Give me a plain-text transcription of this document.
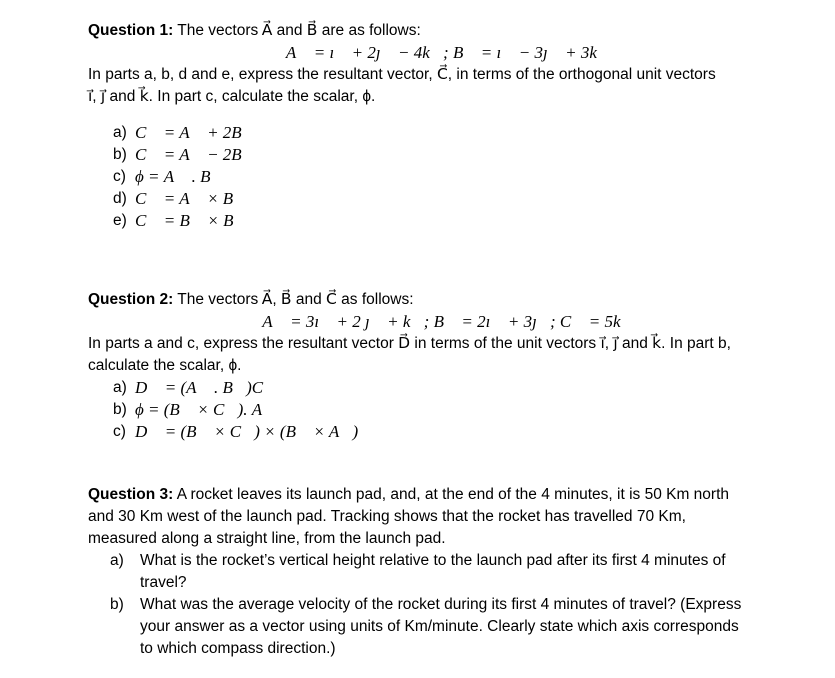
Question 1: The vectors A⃗ and B⃗ are as follows:

A⃗ = ı⃗ + 2ȷ⃗ − 4k⃗; B⃗ = ı⃗ − 3ȷ⃗ + 3k⃗

In parts a, b, d and e, express the resultant vector, C⃗, in terms of the orthogonal unit vectors

ı⃗, ȷ⃗ and k⃗. In part c, calculate the scalar, ϕ.

a) C⃗ = A⃗ + 2B⃗
b) C⃗ = A⃗ − 2B⃗
c) ϕ = A⃗ . B⃗
d) C⃗ = A⃗ × B⃗
e) C⃗ = B⃗ × B⃗

Question 2: The vectors A⃗, B⃗ and C⃗ as follows:

A⃗ = 3ı⃗ + 2 ȷ⃗ + k⃗; B⃗ = 2ı⃗ + 3ȷ⃗; C⃗ = 5k⃗

In parts a and c, express the resultant vector D⃗ in terms of the unit vectors ı⃗, ȷ⃗ and k⃗. In part b,

calculate the scalar, ϕ.

a) D⃗ = (A⃗ . B⃗)C⃗
b) ϕ = (B⃗ × C⃗). A⃗
c) D⃗ = (B⃗ × C⃗) × (B⃗ × A⃗)

Question 3: A rocket leaves its launch pad, and, at the end of the 4 minutes, it is 50 Km north

and 30 Km west of the launch pad. Tracking shows that the rocket has travelled 70 Km,

measured along a straight line, from the launch pad.

a)	What is the rocket’s vertical height relative to the launch pad after its first 4 minutes of
travel?
b)	What was the average velocity of the rocket during its first 4 minutes of travel? (Express
your answer as a vector using units of Km/minute. Clearly state which axis corresponds
to which compass direction.)
